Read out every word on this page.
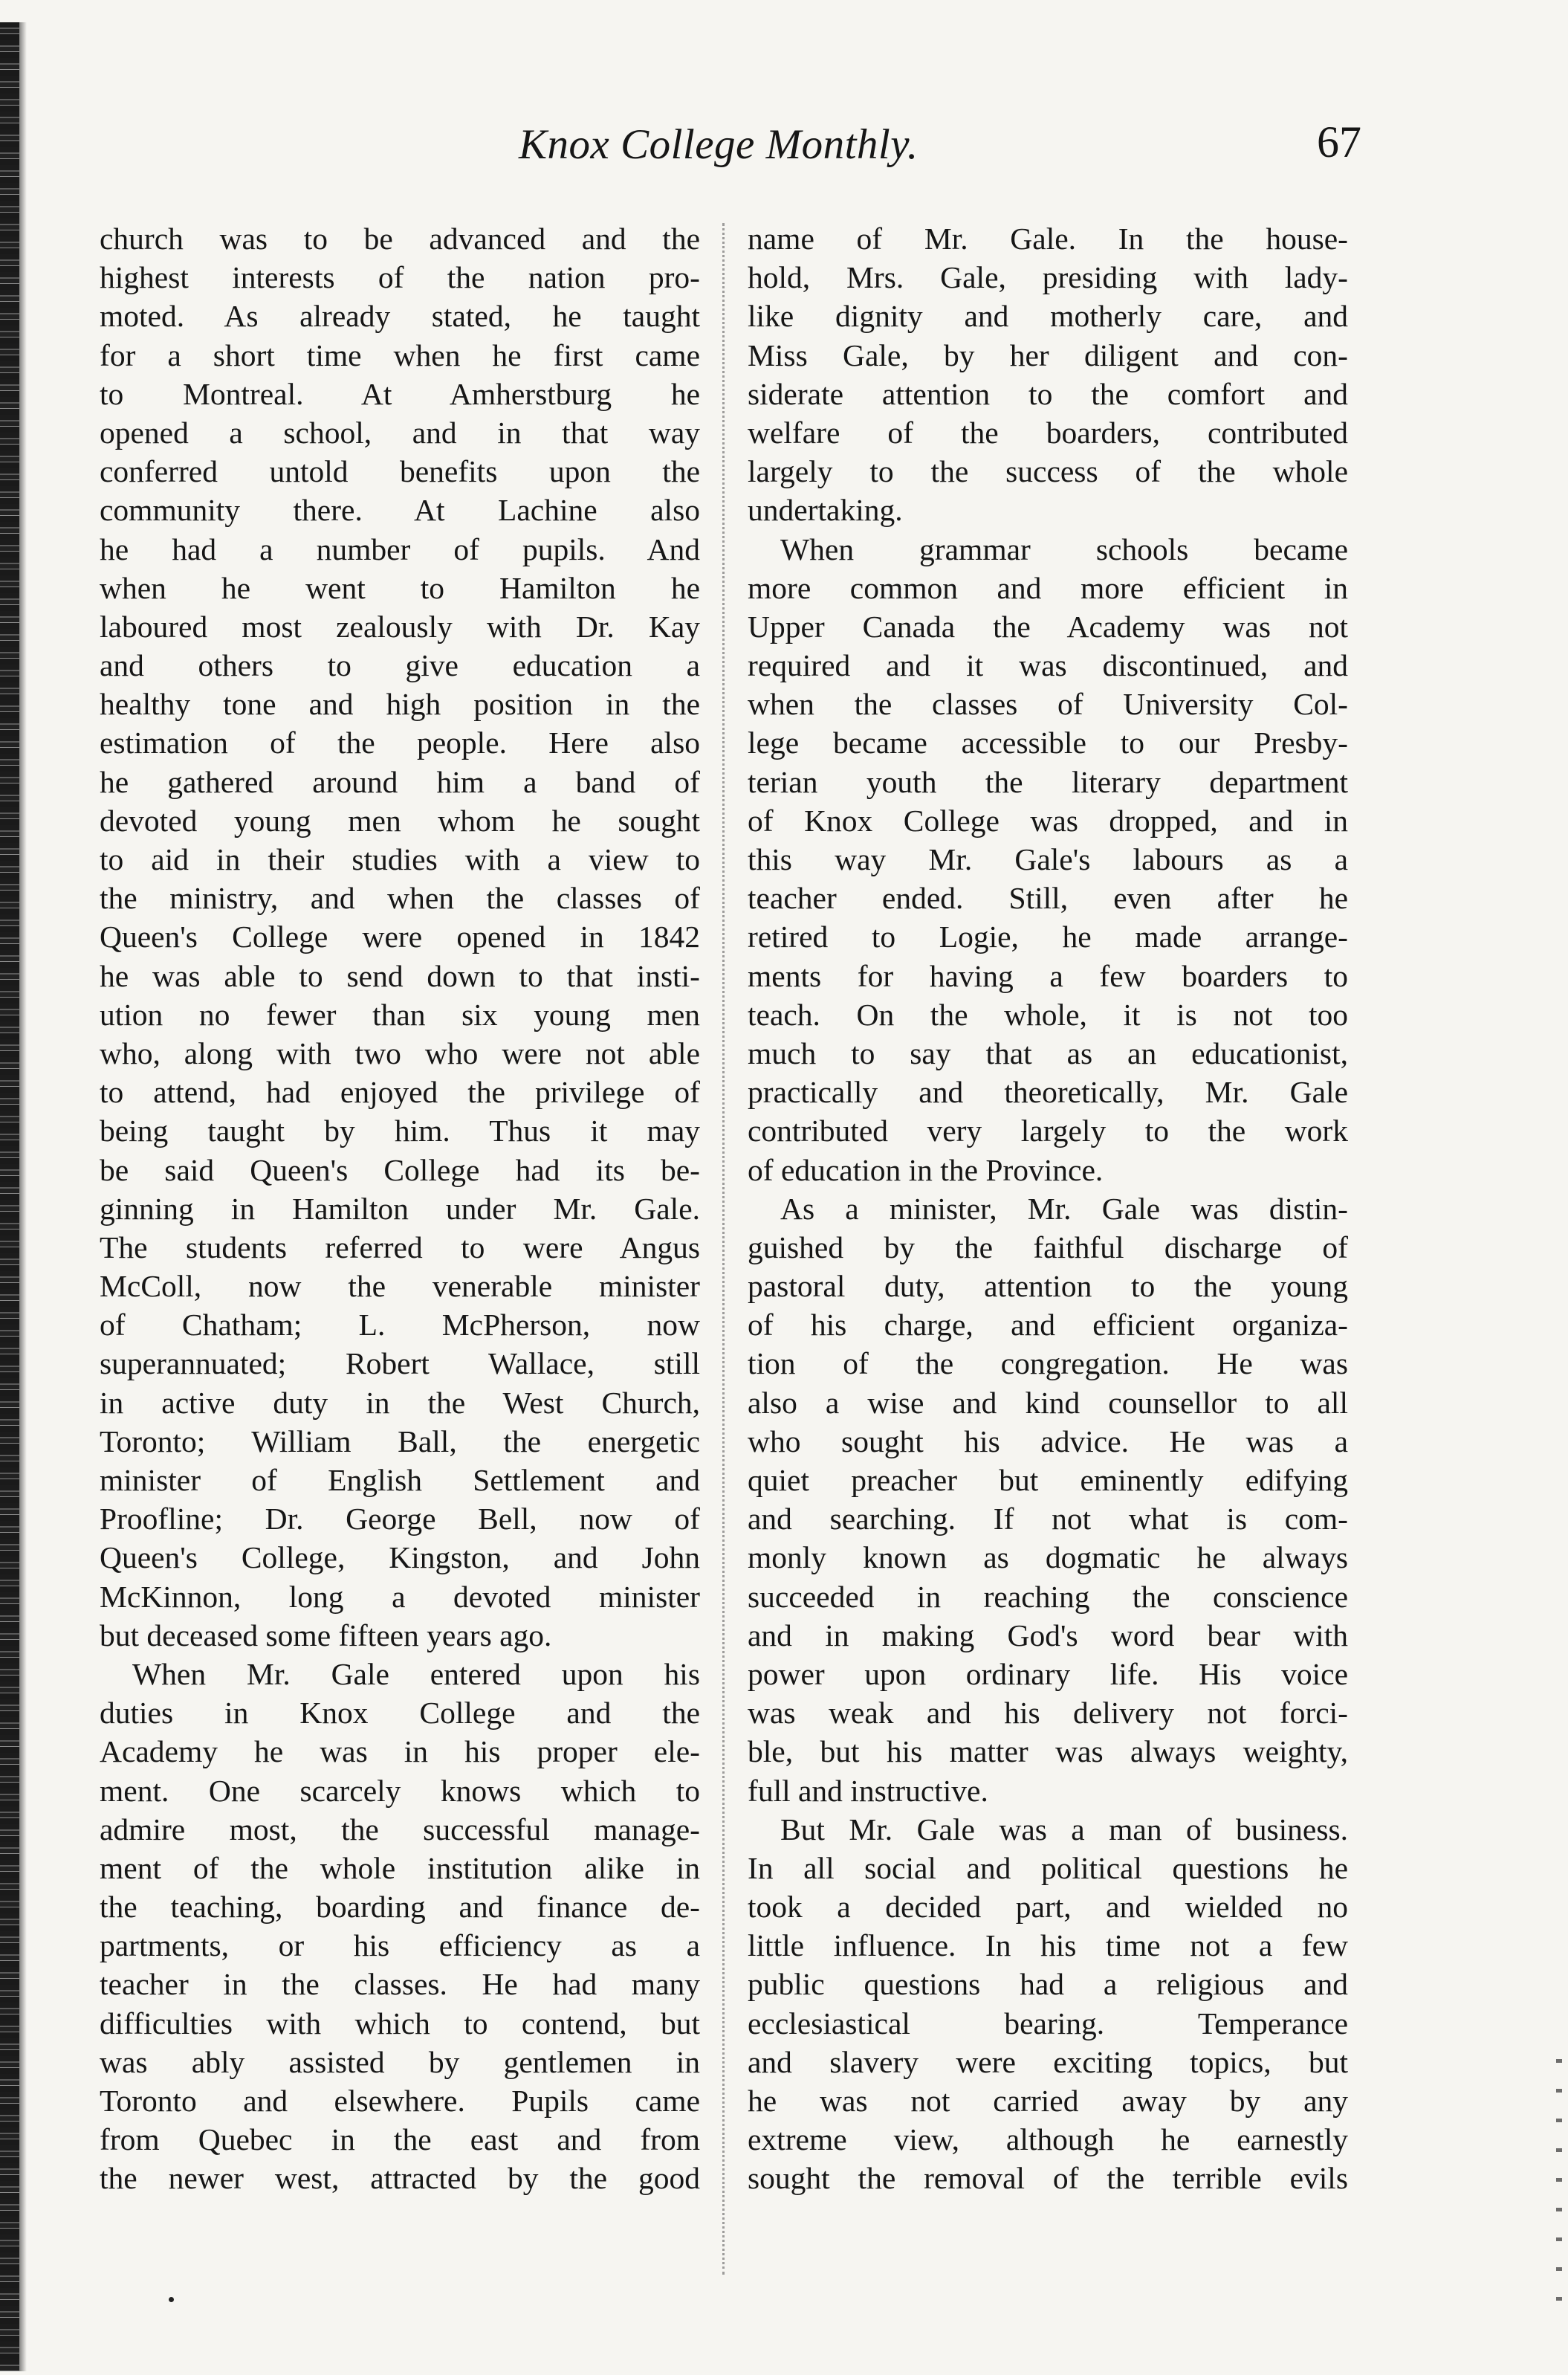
Knox College Monthly.	67
church was to be advanced and the
highest interests of the nation pro-
moted. As already stated, he taught
for a short time when he first came
to Montreal. At Amherstburg he
opened a school, and in that way
conferred untold benefits upon the
community there. At Lachine also
he had a number of pupils. And
when he went to Hamilton he
laboured most zealously with Dr. Kay
and others to give education a
healthy tone and high position in the
estimation of the people. Here also
he gathered around him a band of
devoted young men whom he sought
to aid in their studies with a view to
the ministry, and when the classes of
Queen's College were opened in 1842
he was able to send down to that insti-
ution no fewer than six young men
who, along with two who were not able
to attend, had enjoyed the privilege of
being taught by him. Thus it may
be said Queen's College had its be-
ginning in Hamilton under Mr. Gale.
The students referred to were Angus
McColl, now the venerable minister
of Chatham; L. McPherson, now
superannuated; Robert Wallace, still
in active duty in the West Church,
Toronto; William Ball, the energetic
minister of English Settlement and
Proofline; Dr. George Bell, now of
Queen's College, Kingston, and John
McKinnon, long a devoted minister
but deceased some fifteen years ago.
When Mr. Gale entered upon his
duties in Knox College and the
Academy he was in his proper ele-
ment. One scarcely knows which to
admire most, the successful manage-
ment of the whole institution alike in
the teaching, boarding and finance de-
partments, or his efficiency as a
teacher in the classes. He had many
difficulties with which to contend, but
was ably assisted by gentlemen in
Toronto and elsewhere. Pupils came
from Quebec in the east and from
the newer west, attracted by the good
name of Mr. Gale. In the house-
hold, Mrs. Gale, presiding with lady-
like dignity and motherly care, and
Miss Gale, by her diligent and con-
siderate attention to the comfort and
welfare of the boarders, contributed
largely to the success of the whole
undertaking.
When grammar schools became
more common and more efficient in
Upper Canada the Academy was not
required and it was discontinued, and
when the classes of University Col-
lege became accessible to our Presby-
terian youth the literary department
of Knox College was dropped, and in
this way Mr. Gale's labours as a
teacher ended. Still, even after he
retired to Logie, he made arrange-
ments for having a few boarders to
teach. On the whole, it is not too
much to say that as an educationist,
practically and theoretically, Mr. Gale
contributed very largely to the work
of education in the Province.
As a minister, Mr. Gale was distin-
guished by the faithful discharge of
pastoral duty, attention to the young
of his charge, and efficient organiza-
tion of the congregation. He was
also a wise and kind counsellor to all
who sought his advice. He was a
quiet preacher but eminently edifying
and searching. If not what is com-
monly known as dogmatic he always
succeeded in reaching the conscience
and in making God's word bear with
power upon ordinary life. His voice
was weak and his delivery not forci-
ble, but his matter was always weighty,
full and instructive.
But Mr. Gale was a man of business.
In all social and political questions he
took a decided part, and wielded no
little influence. In his time not a few
public questions had a religious and
ecclesiastical bearing. Temperance
and slavery were exciting topics, but
he was not carried away by any
extreme view, although he earnestly
sought the removal of the terrible evils
